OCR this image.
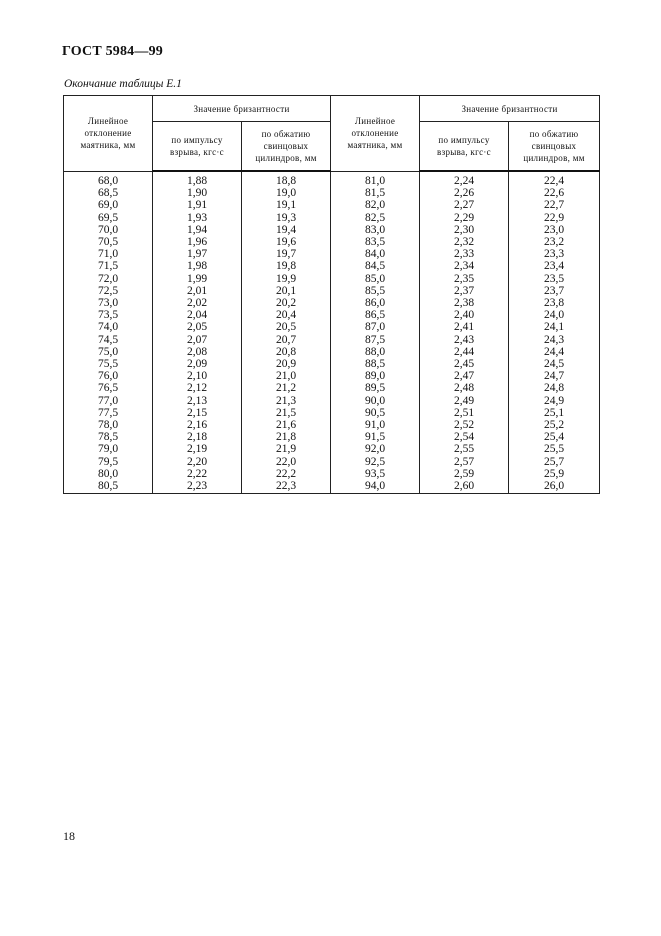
ГОСТ 5984—99
Окончание таблицы Е.1
Линейное отклонение маятника, мм	Значение бризантности		Линейное отклонение маятника, мм	Значение бризантности	
	по импульсу взрыва, кгс·с	по обжатию свинцовых цилиндров, мм		по импульсу взрыва, кгс·с	по обжатию свинцовых цилиндров, мм
68,0	1,88	18,8	81,0	2,24	22,4
68,5	1,90	19,0	81,5	2,26	22,6
69,0	1,91	19,1	82,0	2,27	22,7
69,5	1,93	19,3	82,5	2,29	22,9
70,0	1,94	19,4	83,0	2,30	23,0
70,5	1,96	19,6	83,5	2,32	23,2
71,0	1,97	19,7	84,0	2,33	23,3
71,5	1,98	19,8	84,5	2,34	23,4
72,0	1,99	19,9	85,0	2,35	23,5
72,5	2,01	20,1	85,5	2,37	23,7
73,0	2,02	20,2	86,0	2,38	23,8
73,5	2,04	20,4	86,5	2,40	24,0
74,0	2,05	20,5	87,0	2,41	24,1
74,5	2,07	20,7	87,5	2,43	24,3
75,0	2,08	20,8	88,0	2,44	24,4
75,5	2,09	20,9	88,5	2,45	24,5
76,0	2,10	21,0	89,0	2,47	24,7
76,5	2,12	21,2	89,5	2,48	24,8
77,0	2,13	21,3	90,0	2,49	24,9
77,5	2,15	21,5	90,5	2,51	25,1
78,0	2,16	21,6	91,0	2,52	25,2
78,5	2,18	21,8	91,5	2,54	25,4
79,0	2,19	21,9	92,0	2,55	25,5
79,5	2,20	22,0	92,5	2,57	25,7
80,0	2,22	22,2	93,5	2,59	25,9
80,5	2,23	22,3	94,0	2,60	26,0
18
